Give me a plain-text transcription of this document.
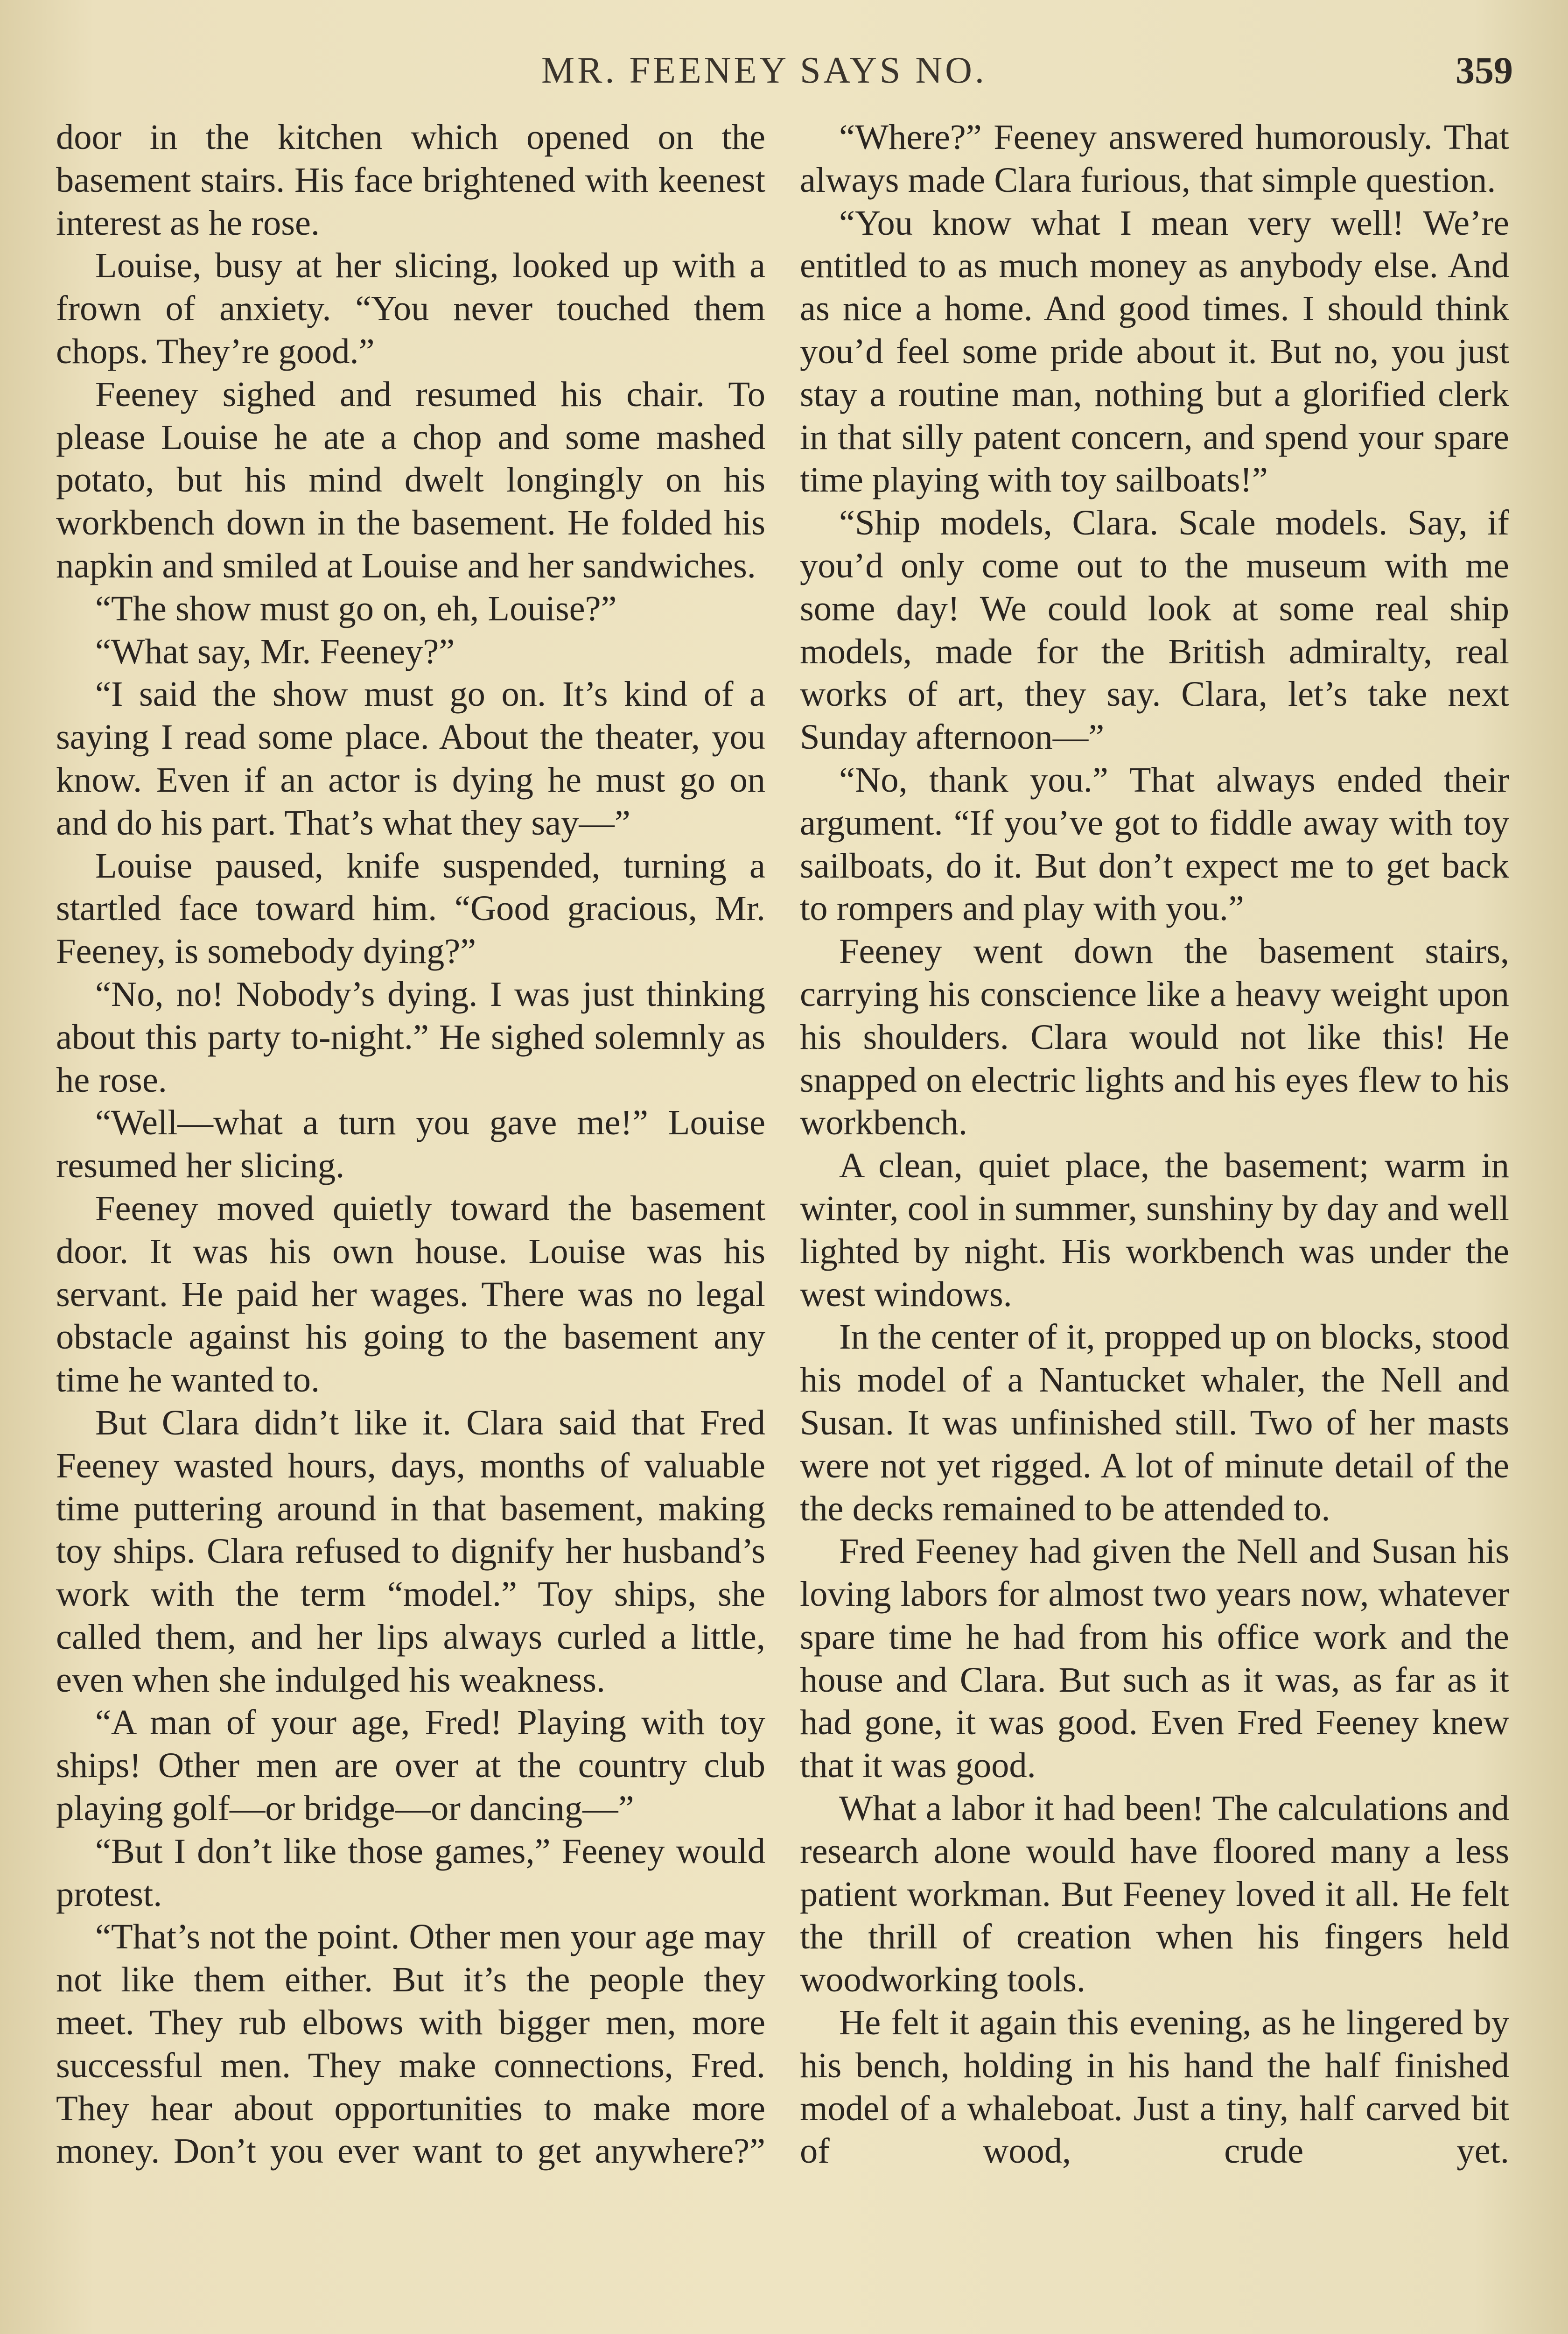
MR. FEENEY SAYS NO.	359

door in the kitchen which opened on the basement stairs. His face brightened with keenest interest as he rose.

Louise, busy at her slicing, looked up with a frown of anxiety. “You never touched them chops. They’re good.”

Feeney sighed and resumed his chair. To please Louise he ate a chop and some mashed potato, but his mind dwelt longingly on his workbench down in the basement. He folded his napkin and smiled at Louise and her sandwiches.

“The show must go on, eh, Louise?”

“What say, Mr. Feeney?”

“I said the show must go on. It’s kind of a saying I read some place. About the theater, you know. Even if an actor is dying he must go on and do his part. That’s what they say—”

Louise paused, knife suspended, turning a startled face toward him. “Good gracious, Mr. Feeney, is somebody dying?”

“No, no! Nobody’s dying. I was just thinking about this party to-night.” He sighed solemnly as he rose.

“Well—what a turn you gave me!” Louise resumed her slicing.

Feeney moved quietly toward the basement door. It was his own house. Louise was his servant. He paid her wages. There was no legal obstacle against his going to the basement any time he wanted to.

But Clara didn’t like it. Clara said that Fred Feeney wasted hours, days, months of valuable time puttering around in that basement, making toy ships. Clara refused to dignify her husband’s work with the term “model.” Toy ships, she called them, and her lips always curled a little, even when she indulged his weakness.

“A man of your age, Fred! Playing with toy ships! Other men are over at the country club playing golf—or bridge—or dancing—”

“But I don’t like those games,” Feeney would protest.

“That’s not the point. Other men your age may not like them either. But it’s the people they meet. They rub elbows with bigger men, more successful men. They make connections, Fred. They hear about opportunities to make more money. Don’t you ever want to get anywhere?”

“Where?” Feeney answered humorously. That always made Clara furious, that simple question.

“You know what I mean very well! We’re entitled to as much money as anybody else. And as nice a home. And good times. I should think you’d feel some pride about it. But no, you just stay a routine man, nothing but a glorified clerk in that silly patent concern, and spend your spare time playing with toy sailboats!”

“Ship models, Clara. Scale models. Say, if you’d only come out to the museum with me some day! We could look at some real ship models, made for the British admiralty, real works of art, they say. Clara, let’s take next Sunday afternoon—”

“No, thank you.” That always ended their argument. “If you’ve got to fiddle away with toy sailboats, do it. But don’t expect me to get back to rompers and play with you.”

Feeney went down the basement stairs, carrying his conscience like a heavy weight upon his shoulders. Clara would not like this! He snapped on electric lights and his eyes flew to his workbench.

A clean, quiet place, the basement; warm in winter, cool in summer, sunshiny by day and well lighted by night. His workbench was under the west windows.

In the center of it, propped up on blocks, stood his model of a Nantucket whaler, the Nell and Susan. It was unfinished still. Two of her masts were not yet rigged. A lot of minute detail of the the decks remained to be attended to.

Fred Feeney had given the Nell and Susan his loving labors for almost two years now, whatever spare time he had from his office work and the house and Clara. But such as it was, as far as it had gone, it was good. Even Fred Feeney knew that it was good.

What a labor it had been! The calculations and research alone would have floored many a less patient workman. But Feeney loved it all. He felt the thrill of creation when his fingers held woodworking tools.

He felt it again this evening, as he lingered by his bench, holding in his hand the half finished model of a whaleboat. Just a tiny, half carved bit of wood, crude yet.
